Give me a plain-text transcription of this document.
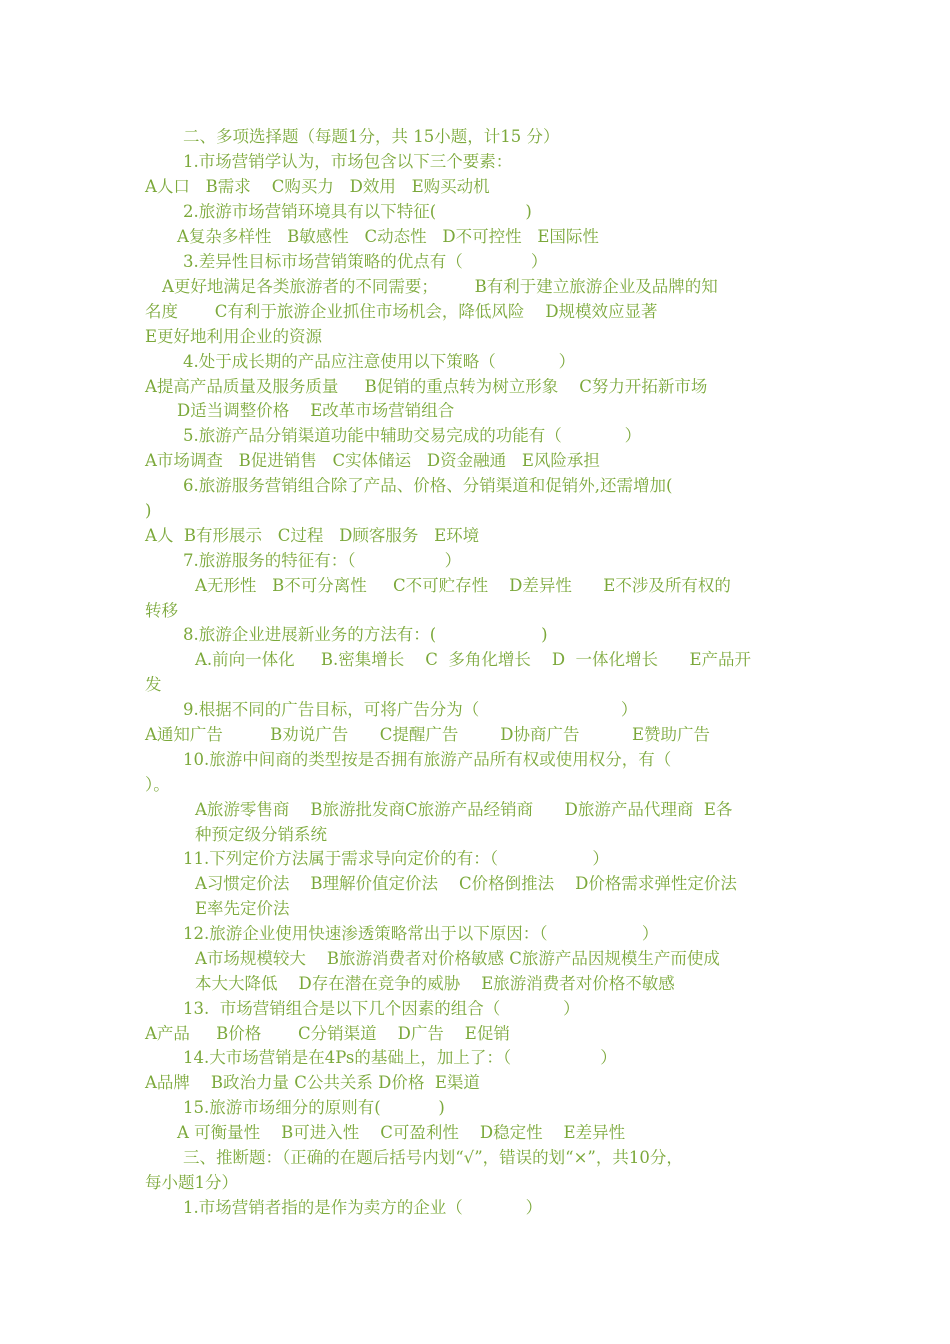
二、多项选择题（每题1分，共 15小题，计15 分）
1.市场营销学认为，市场包含以下三个要素：
A人口   B需求    C购买力   D效用   E购买动机
2.旅游市场营销环境具有以下特征(                 )
A复杂多样性   B敏感性   C动态性   D不可控性   E国际性
3.差异性目标市场营销策略的优点有（             ）
A更好地满足各类旅游者的不同需要；       B有利于建立旅游企业及品牌的知
名度       C有利于旅游企业抓住市场机会，降低风险    D规模效应显著
E更好地利用企业的资源
4.处于成长期的产品应注意使用以下策略（            ）
A提高产品质量及服务质量     B促销的重点转为树立形象    C努力开拓新市场
D适当调整价格    E改革市场营销组合
5.旅游产品分销渠道功能中辅助交易完成的功能有（            ）
A市场调查   B促进销售   C实体储运   D资金融通   E风险承担
6.旅游服务营销组合除了产品、价格、分销渠道和促销外,还需增加(
)
A人  B有形展示   C过程   D顾客服务   E环境
7.旅游服务的特征有：（                 ）
A无形性   B不可分离性     C不可贮存性    D差异性      E不涉及所有权的
转移
8.旅游企业进展新业务的方法有：(                    )
A.前向一体化     B.密集增长    C  多角化增长    D  一体化增长      E产品开
发
9.根据不同的广告目标，可将广告分为（                           ）
A通知广告         B劝说广告      C提醒广告        D协商广告          E赞助广告
10.旅游中间商的类型按是否拥有旅游产品所有权或使用权分，有（
）。
A旅游零售商    B旅游批发商C旅游产品经销商      D旅游产品代理商  E各
种预定级分销系统
11.下列定价方法属于需求导向定价的有：（                  ）
A习惯定价法    B理解价值定价法    C价格倒推法    D价格需求弹性定价法
E率先定价法
12.旅游企业使用快速渗透策略常出于以下原因：（                  ）
A市场规模较大    B旅游消费者对价格敏感 C旅游产品因规模生产而使成
本大大降低    D存在潜在竞争的威胁    E旅游消费者对价格不敏感
13.  市场营销组合是以下几个因素的组合（            ）
A产品     B价格       C分销渠道    D广告    E促销
14.大市场营销是在4Ps的基础上，加上了：（                 ）
A品牌    B政治力量 C公共关系 D价格  E渠道
15.旅游市场细分的原则有(           )
A 可衡量性    B可进入性    C可盈利性    D稳定性    E差异性
三、推断题：（正确的在题后括号内划“√”，错误的划“×”，共10分，
每小题1分）
1.市场营销者指的是作为卖方的企业（            ）
